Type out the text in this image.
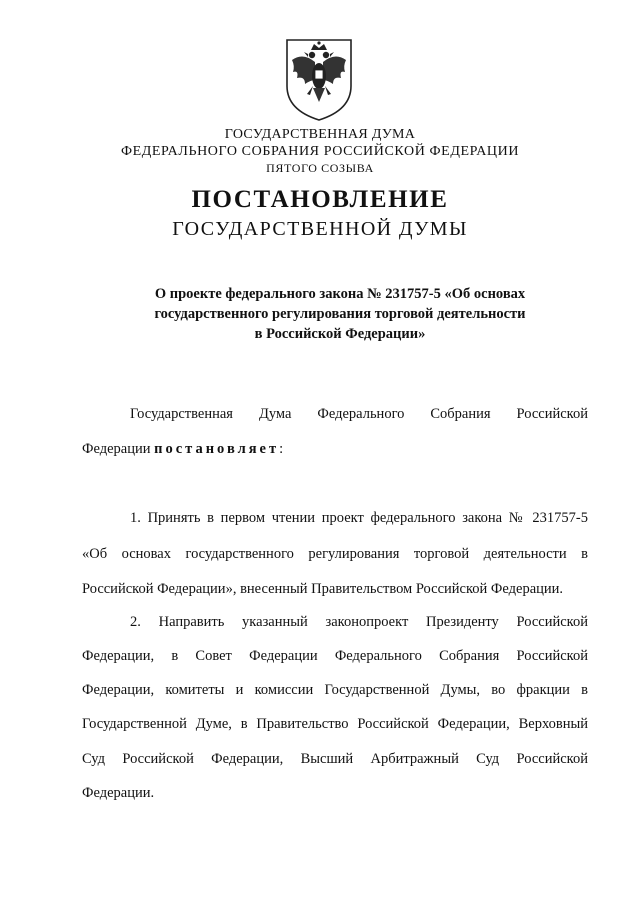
ГОСУДАРСТВЕННАЯ ДУМА
ФЕДЕРАЛЬНОГО СОБРАНИЯ РОССИЙСКОЙ ФЕДЕРАЦИИ
ПЯТОГО СОЗЫВА
ПОСТАНОВЛЕНИЕ
ГОСУДАРСТВЕННОЙ ДУМЫ
О проекте федерального закона № 231757-5 «Об основах
государственного регулирования торговой деятельности
в Российской Федерации»
Государственная Дума Федерального Собрания Российской
Федерации постановляет:
1. Принять в первом чтении проект федерального закона № 231757-5
«Об основах государственного регулирования торговой деятельности в
Российской Федерации», внесенный Правительством Российской Федерации.
2. Направить указанный законопроект Президенту Российской
Федерации, в Совет Федерации Федерального Собрания Российской
Федерации, комитеты и комиссии Государственной Думы, во фракции в
Государственной Думе, в Правительство Российской Федерации, Верховный
Суд Российской Федерации, Высший Арбитражный Суд Российской
Федерации.
